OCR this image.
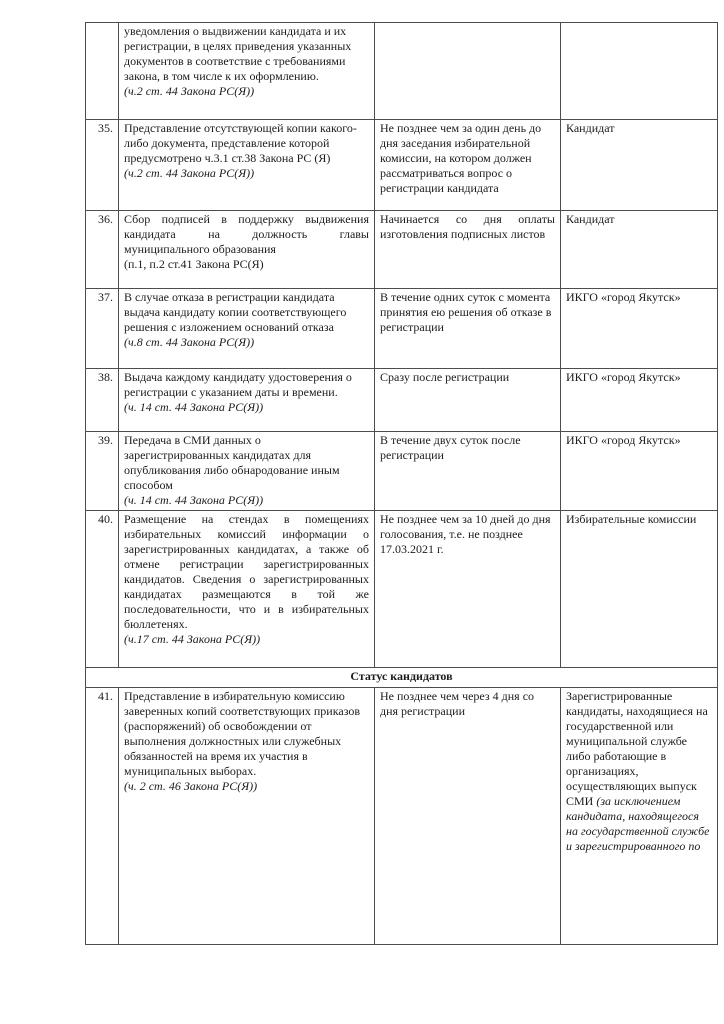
	уведомления о выдвижении кандидата и их регистрации, в целях приведения указанных документов в соответствие с требованиями закона, в том числе к их оформлению.
(ч.2 ст. 44 Закона РС(Я))		

35.	Представление отсутствующей копии какого-либо документа, представление которой предусмотрено ч.3.1 ст.38 Закона РС (Я)
(ч.2 ст. 44 Закона РС(Я))	Не позднее чем за один день до дня заседания избирательной комиссии, на котором должен рассматриваться вопрос о регистрации кандидата	Кандидат
36.	Сбор подписей в поддержку выдвижения кандидата на должность главы муниципального образования
(п.1, п.2 ст.41 Закона РС(Я)	Начинается со дня оплаты изготовления подписных листов	Кандидат
37.	В случае отказа в регистрации кандидата выдача кандидату копии соответствующего решения с изложением оснований отказа
(ч.8 ст. 44 Закона РС(Я))	В течение одних суток с момента принятия ею решения об отказе в регистрации	ИКГО «город Якутск»
38.	Выдача каждому кандидату удостоверения о регистрации с указанием даты и времени.
(ч. 14 ст. 44 Закона РС(Я))	Сразу после регистрации	ИКГО «город Якутск»
39.	Передача в СМИ данных о зарегистрированных кандидатах для опубликования либо обнародование иным способом
(ч. 14 ст. 44 Закона РС(Я))	В течение двух суток после регистрации	ИКГО «город Якутск»
40.	Размещение на стендах в помещениях избирательных комиссий информации о зарегистрированных кандидатах, а также об отмене регистрации зарегистрированных кандидатов. Сведения о зарегистрированных кандидатах размещаются в той же последовательности, что и в избирательных бюллетенях.
(ч.17 ст. 44 Закона РС(Я))	Не позднее чем за 10 дней до дня голосования, т.е. не позднее 17.03.2021 г.	Избирательные комиссии
Статус кандидатов			
41.	Представление в избирательную комиссию заверенных копий соответствующих приказов (распоряжений) об освобождении от выполнения должностных или служебных обязанностей на время их участия в муниципальных выборах.
(ч. 2 ст. 46 Закона РС(Я))
	Не позднее чем через 4 дня со дня регистрации	Зарегистрированные кандидаты, находящиеся на государственной или муниципальной службе либо работающие в организациях, осуществляющих выпуск СМИ (за исключением кандидата, находящегося на государственной службе и зарегистрированного по
